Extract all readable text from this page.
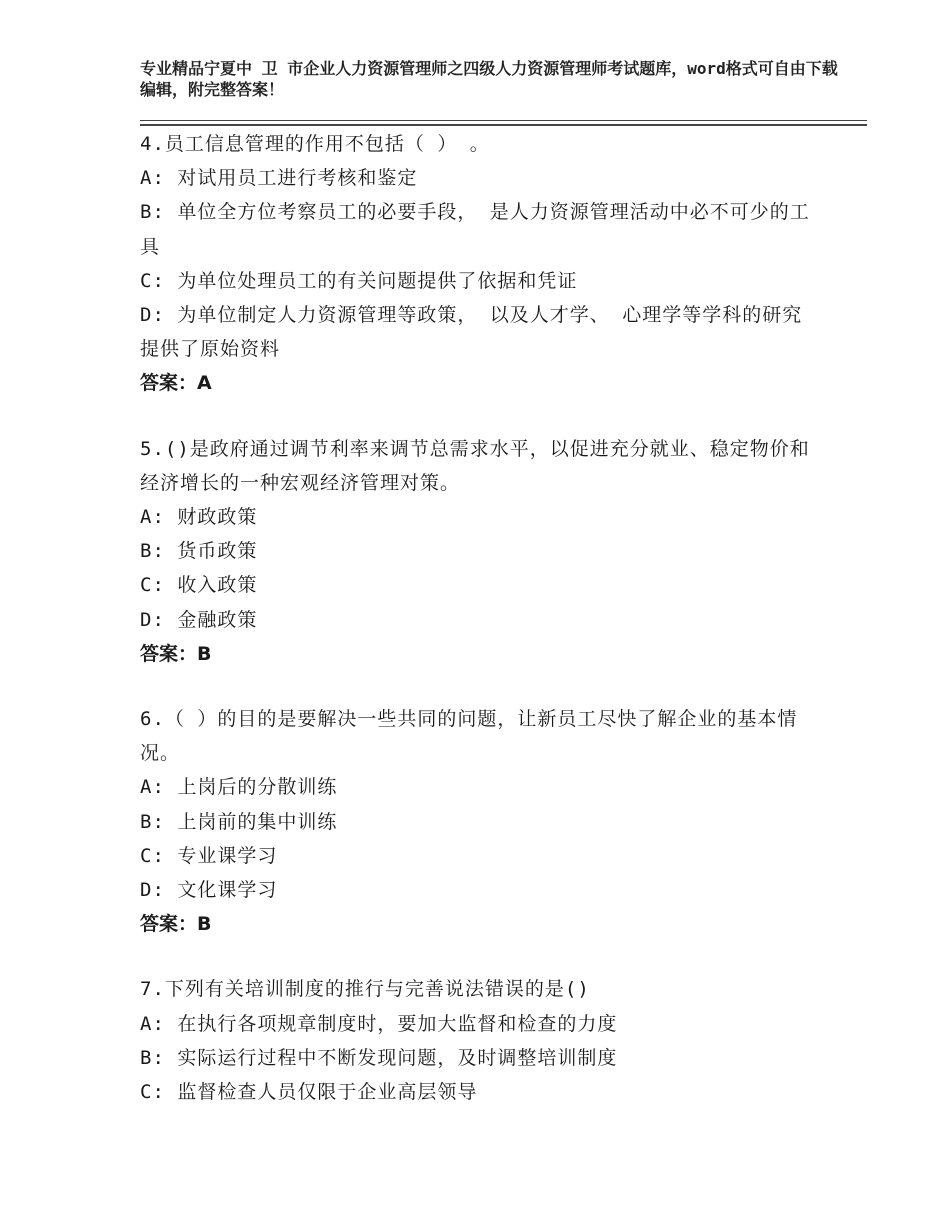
专业精品宁夏中 卫 市企业人力资源管理师之四级人力资源管理师考试题库，word格式可自由下载编辑，附完整答案！
4.员工信息管理的作用不包括（ ） 。
A: 对试用员工进行考核和鉴定
B: 单位全方位考察员工的必要手段， 是人力资源管理活动中必不可少的工具
C: 为单位处理员工的有关问题提供了依据和凭证
D: 为单位制定人力资源管理等政策， 以及人才学、 心理学等学科的研究提供了原始资料
答案：A
5.()是政府通过调节利率来调节总需求水平，以促进充分就业、稳定物价和经济增长的一种宏观经济管理对策。
A: 财政政策
B: 货币政策
C: 收入政策
D: 金融政策
答案：B
6.（ ）的目的是要解决一些共同的问题，让新员工尽快了解企业的基本情况。
A: 上岗后的分散训练
B: 上岗前的集中训练
C: 专业课学习
D: 文化课学习
答案：B
7.下列有关培训制度的推行与完善说法错误的是()
A: 在执行各项规章制度时，要加大监督和检查的力度
B: 实际运行过程中不断发现问题，及时调整培训制度
C: 监督检查人员仅限于企业高层领导
